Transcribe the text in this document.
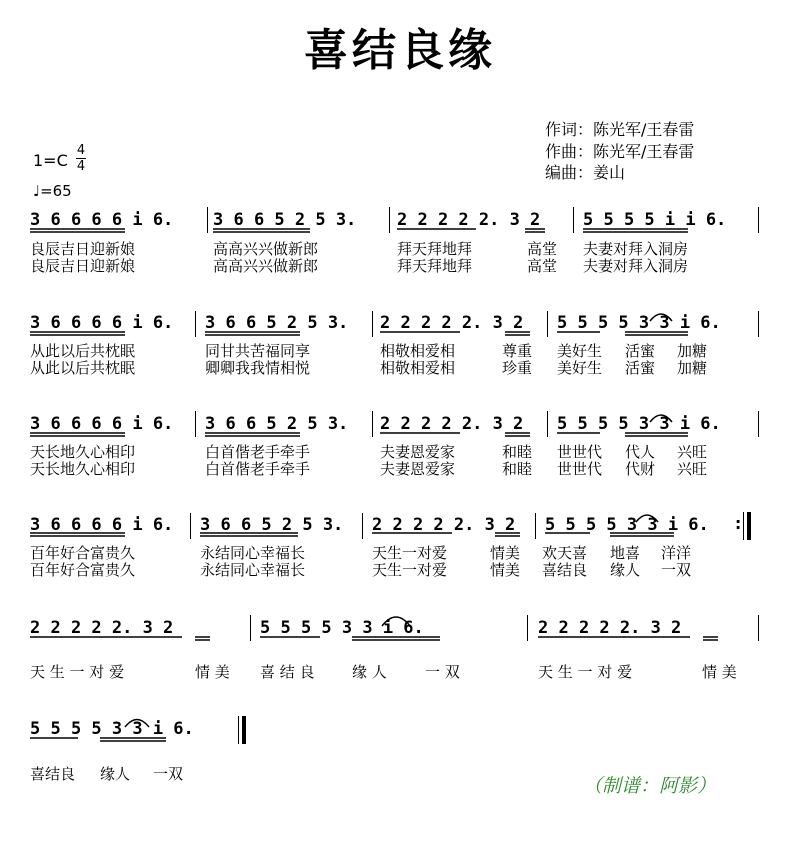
喜结良缘
作词：陈光军/王春雷
作曲：陈光军/王春雷
编曲：姜山
1=C
4
4
♩=65
:
3 6 6 6 6 i 6. 3 6 6 5 2 5 3. 2 2 2 2 2. 3 2	5 5 5 5 i i 6.
良辰吉日迎新娘	高高兴兴做新郎	拜天拜地拜	高堂 夫妻对拜入洞房
良辰吉日迎新娘	高高兴兴做新郎	拜天拜地拜	高堂 夫妻对拜入洞房
3 6 6 6 6 i 6. 3 6 6 5 2 5 3. 2 2 2 2 2. 3 2 5 5 5 5 3 3 i 6.
从此以后共枕眠	同甘共苦福同享	相敬相爱相	尊重 美好生 活蜜 加糖
从此以后共枕眠	卿卿我我情相悦	相敬相爱相	珍重 美好生 活蜜 加糖
3 6 6 6 6 i 6. 3 6 6 5 2 5 3. 2 2 2 2 2. 3 2 5 5 5 5 3 3 i 6.
天长地久心相印	白首偕老手牵手	夫妻恩爱家	和睦 世世代 代人 兴旺
天长地久心相印	白首偕老手牵手	夫妻恩爱家	和睦 世世代 代财 兴旺
3 6 6 6 6 i 6. 3 6 6 5 2 5 3. 2 2 2 2 2. 3 2 5 5 5 5 3 3 i 6.
百年好合富贵久	永结同心幸福长	天生一对爱	情美 欢天喜 地喜 洋洋
百年好合富贵久	永结同心幸福长	天生一对爱	情美 喜结良 缘人 一双
2 2 2 2 2. 3 2	5 5 5 5 3 3 i 6.	2 2 2 2 2. 3 2
天 生 一 对 爱	情 美 喜 结 良 缘 人	一 双	天 生 一 对 爱	情 美
5 5 5 5 3 3 i 6.
喜结良 缘人 一双
（制谱：阿影）
